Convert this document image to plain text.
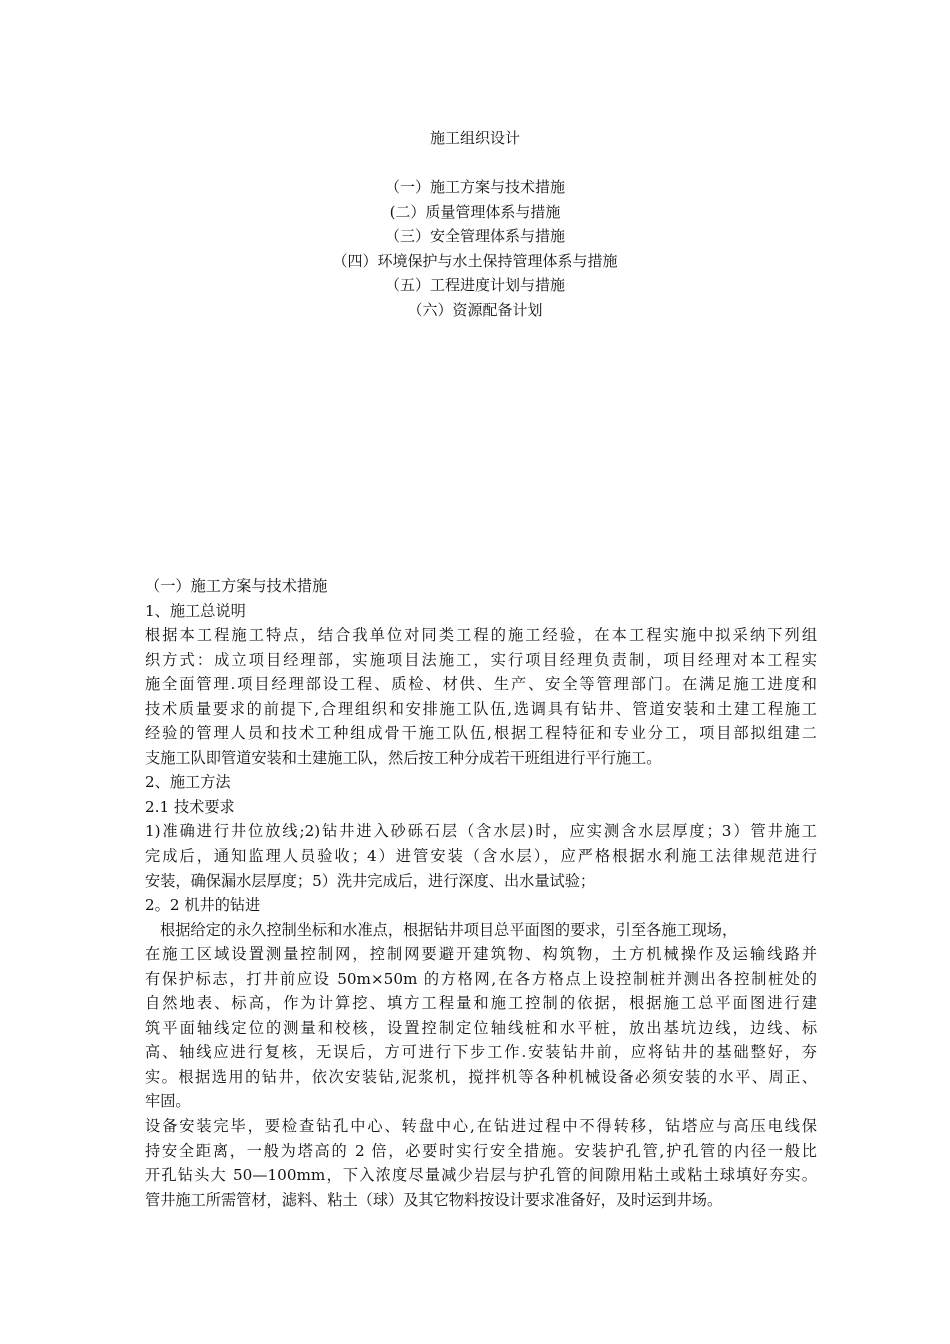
施工组织设计
（一）施工方案与技术措施
(二）质量管理体系与措施
（三）安全管理体系与措施
（四）环境保护与水土保持管理体系与措施
（五）工程进度计划与措施
（六）资源配备计划
（一）施工方案与技术措施
1、施工总说明
根据本工程施工特点，结合我单位对同类工程的施工经验，在本工程实施中拟采纳下列组
织方式：成立项目经理部，实施项目法施工，实行项目经理负责制，项目经理对本工程实
施全面管理.项目经理部设工程、质检、材供、生产、安全等管理部门。在满足施工进度和
技术质量要求的前提下,合理组织和安排施工队伍,选调具有钻井、管道安装和土建工程施工
经验的管理人员和技术工种组成骨干施工队伍,根据工程特征和专业分工，项目部拟组建二
支施工队即管道安装和土建施工队，然后按工种分成若干班组进行平行施工。
2、施工方法
2.1 技术要求
1)准确进行井位放线;2)钻井进入砂砾石层（含水层)时，应实测含水层厚度；3）管井施工
完成后，通知监理人员验收；4）进管安装（含水层），应严格根据水利施工法律规范进行
安装，确保漏水层厚度；5）洗井完成后，进行深度、出水量试验；
2。2 机井的钻进
根据给定的永久控制坐标和水准点，根据钻井项目总平面图的要求，引至各施工现场，
在施工区域设置测量控制网，控制网要避开建筑物、构筑物，土方机械操作及运输线路并
有保护标志，打井前应设 50m×50m 的方格网,在各方格点上设控制桩并测出各控制桩处的
自然地表、标高，作为计算挖、填方工程量和施工控制的依据，根据施工总平面图进行建
筑平面轴线定位的测量和校核，设置控制定位轴线桩和水平桩，放出基坑边线，边线、标
高、轴线应进行复核，无误后，方可进行下步工作.安装钻井前，应将钻井的基础整好，夯
实。根据选用的钻井，依次安装钻,泥浆机，搅拌机等各种机械设备必须安装的水平、周正、
牢固。
设备安装完毕，要检查钻孔中心、转盘中心,在钻进过程中不得转移，钻塔应与高压电线保
持安全距离，一般为塔高的 2 倍，必要时实行安全措施。安装护孔管,护孔管的内径一般比
开孔钻头大 50—100mm，下入浓度尽量减少岩层与护孔管的间隙用粘土或粘土球填好夯实。
管井施工所需管材，滤料、粘土（球）及其它物料按设计要求准备好，及时运到井场。
